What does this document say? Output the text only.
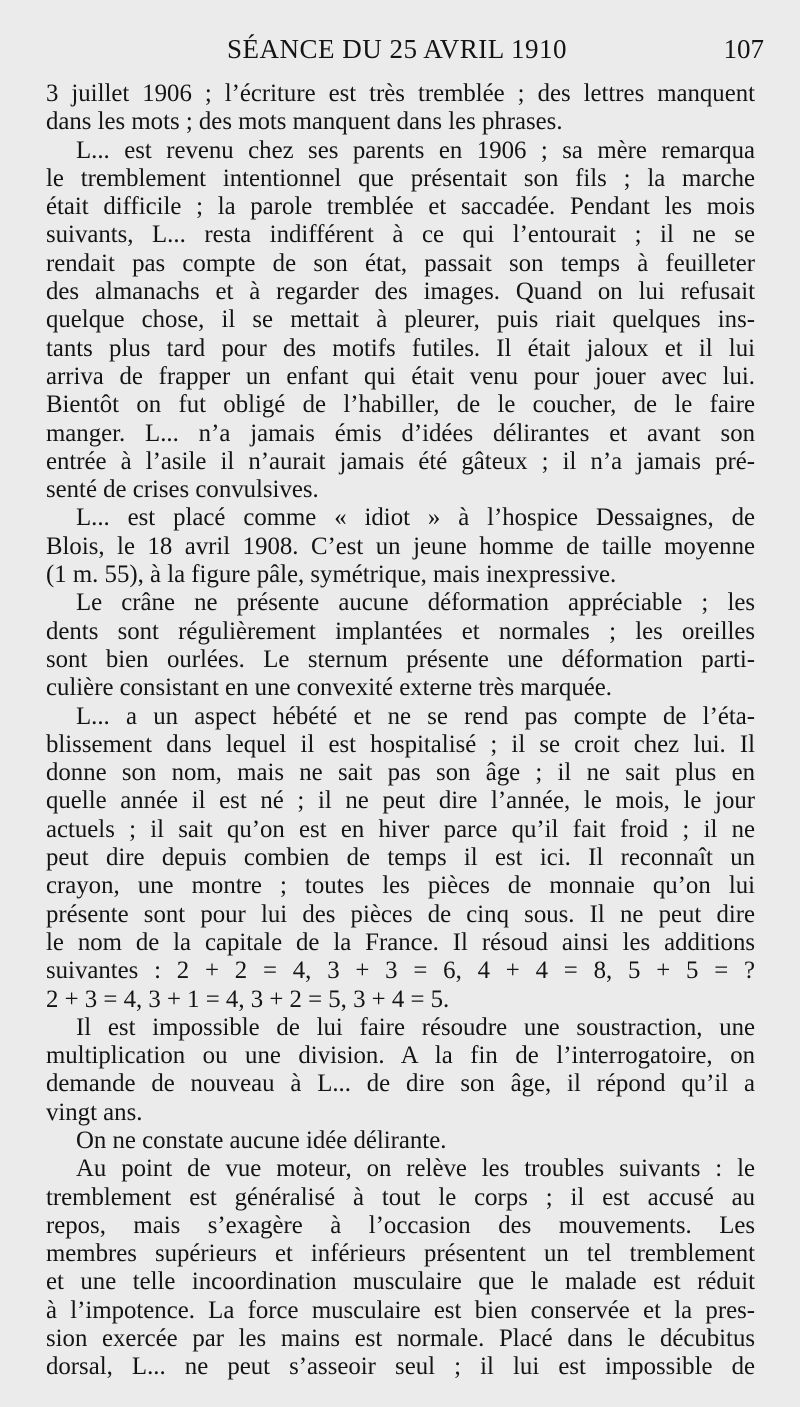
SÉANCE DU 25 AVRIL 1910	107
3 juillet 1906 ; l’écriture est très tremblée ; des lettres manquent
dans les mots ; des mots manquent dans les phrases.
L... est revenu chez ses parents en 1906 ; sa mère remarqua
le tremblement intentionnel que présentait son fils ; la marche
était difficile ; la parole tremblée et saccadée. Pendant les mois
suivants, L... resta indifférent à ce qui l’entourait ; il ne se
rendait pas compte de son état, passait son temps à feuilleter
des almanachs et à regarder des images. Quand on lui refusait
quelque chose, il se mettait à pleurer, puis riait quelques ins-
tants plus tard pour des motifs futiles. Il était jaloux et il lui
arriva de frapper un enfant qui était venu pour jouer avec lui.
Bientôt on fut obligé de l’habiller, de le coucher, de le faire
manger. L... n’a jamais émis d’idées délirantes et avant son
entrée à l’asile il n’aurait jamais été gâteux ; il n’a jamais pré-
senté de crises convulsives.
L... est placé comme « idiot » à l’hospice Dessaignes, de
Blois, le 18 avril 1908. C’est un jeune homme de taille moyenne
(1 m. 55), à la figure pâle, symétrique, mais inexpressive.
Le crâne ne présente aucune déformation appréciable ; les
dents sont régulièrement implantées et normales ; les oreilles
sont bien ourlées. Le sternum présente une déformation parti-
culière consistant en une convexité externe très marquée.
L... a un aspect hébété et ne se rend pas compte de l’éta-
blissement dans lequel il est hospitalisé ; il se croit chez lui. Il
donne son nom, mais ne sait pas son âge ; il ne sait plus en
quelle année il est né ; il ne peut dire l’année, le mois, le jour
actuels ; il sait qu’on est en hiver parce qu’il fait froid ; il ne
peut dire depuis combien de temps il est ici. Il reconnaît un
crayon, une montre ; toutes les pièces de monnaie qu’on lui
présente sont pour lui des pièces de cinq sous. Il ne peut dire
le nom de la capitale de la France. Il résoud ainsi les additions
suivantes : 2 + 2 = 4, 3 + 3 = 6, 4 + 4 = 8, 5 + 5 = ?
2 + 3 = 4, 3 + 1 = 4, 3 + 2 = 5, 3 + 4 = 5.
Il est impossible de lui faire résoudre une soustraction, une
multiplication ou une division. A la fin de l’interrogatoire, on
demande de nouveau à L... de dire son âge, il répond qu’il a
vingt ans.
On ne constate aucune idée délirante.
Au point de vue moteur, on relève les troubles suivants : le
tremblement est généralisé à tout le corps ; il est accusé au
repos, mais s’exagère à l’occasion des mouvements. Les
membres supérieurs et inférieurs présentent un tel tremblement
et une telle incoordination musculaire que le malade est réduit
à l’impotence. La force musculaire est bien conservée et la pres-
sion exercée par les mains est normale. Placé dans le décubitus
dorsal, L... ne peut s’asseoir seul ; il lui est impossible de
